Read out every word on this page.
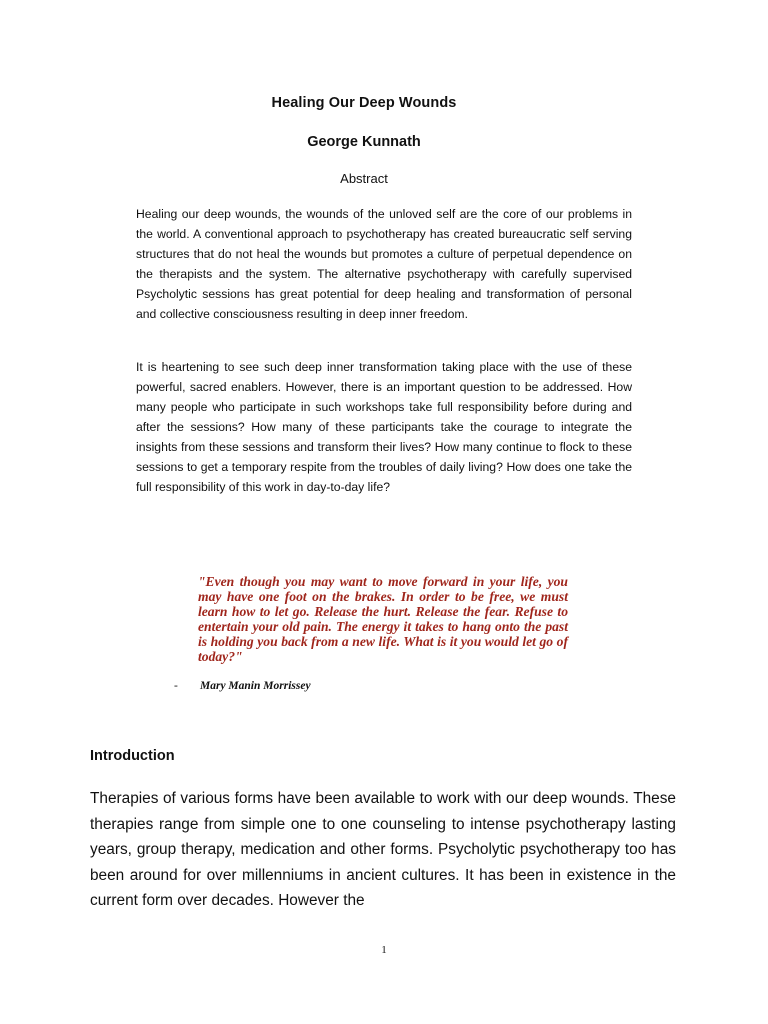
Healing Our Deep Wounds
George Kunnath
Abstract

Healing our deep wounds, the wounds of the unloved self are the core of our problems in the world. A conventional approach to psychotherapy has created bureaucratic self serving structures that do not heal the wounds but promotes a culture of perpetual dependence on the therapists and the system. The alternative psychotherapy with carefully supervised Psycholytic sessions has great potential for deep healing and transformation of personal and collective consciousness resulting in deep inner freedom.

It is heartening to see such deep inner transformation taking place with the use of these powerful, sacred enablers. However, there is an important question to be addressed. How many people who participate in such workshops take full responsibility before during and after the sessions? How many of these participants take the courage to integrate the insights from these sessions and transform their lives? How many continue to flock to these sessions to get a temporary respite from the troubles of daily living? How does one take the full responsibility of this work in day-to-day life?

"Even though you may want to move forward in your life, you may have one foot on the brakes. In order to be free, we must learn how to let go. Release the hurt. Release the fear. Refuse to entertain your old pain. The energy it takes to hang onto the past is holding you back from a new life. What is it you would let go of today?"

- Mary Manin Morrissey
Introduction

Therapies of various forms have been available to work with our deep wounds. These therapies range from simple one to one counseling to intense psychotherapy lasting years, group therapy, medication and other forms. Psycholytic psychotherapy too has been around for over millenniums in ancient cultures. It has been in existence in the current form over decades. However the

1
